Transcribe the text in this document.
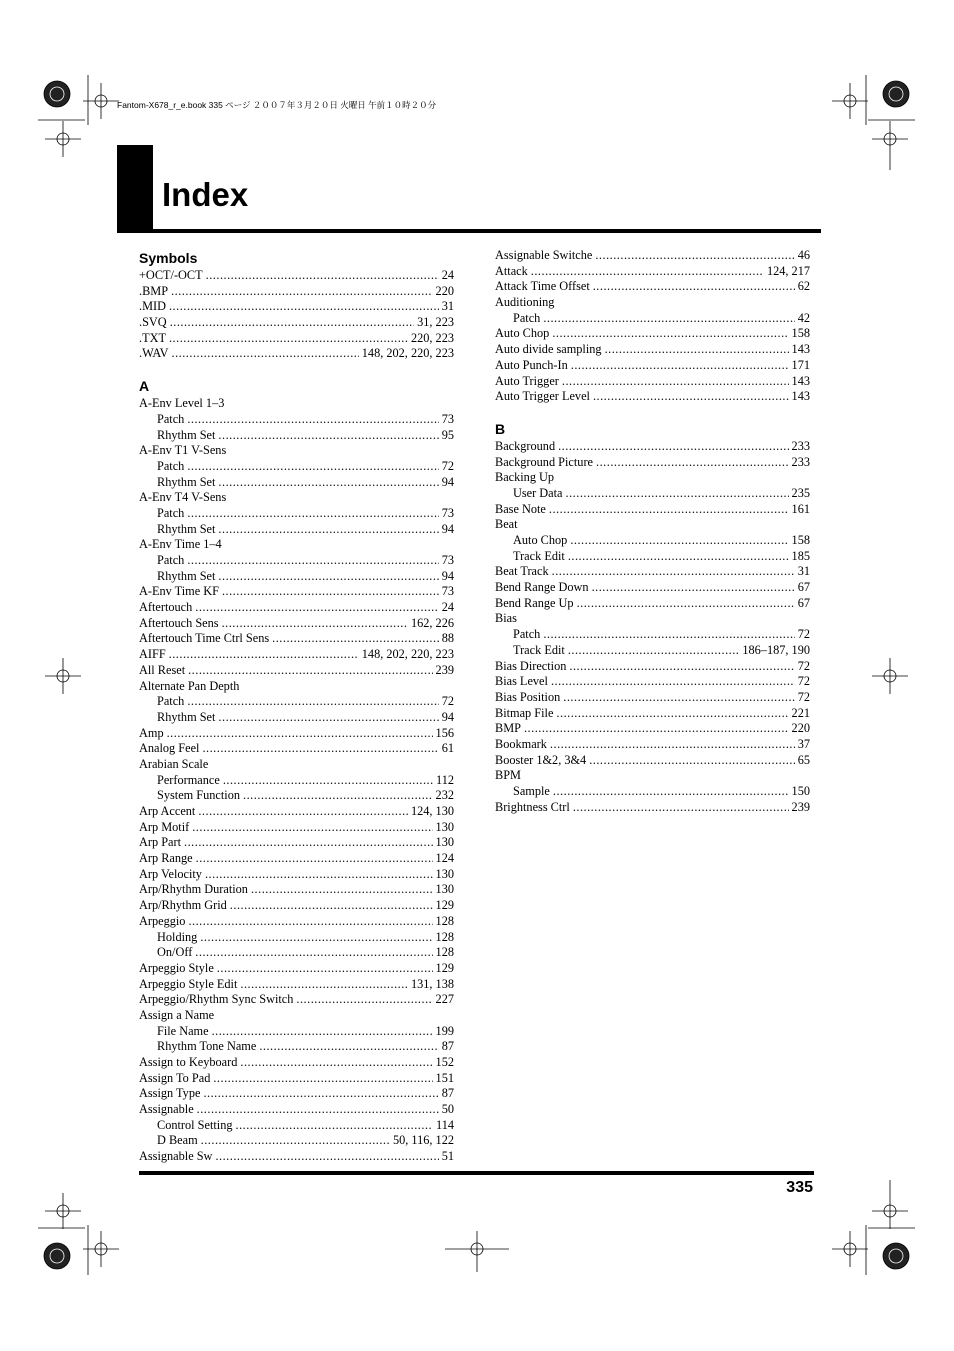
Fantom-X678_r_e.book 335 ページ ２００７年３月２０日 火曜日 午前１０時２０分
Index
Symbols
+OCT/-OCT .....	24
.BMP .....	220
.MID .....	31
.SVQ .....	31, 223
.TXT .....	220, 223
.WAV .....	148, 202, 220, 223
A
A-Env Level 1–3
Patch .....	73
Rhythm Set .....	95
A-Env T1 V-Sens
Patch .....	72
Rhythm Set .....	94
A-Env T4 V-Sens
Patch .....	73
Rhythm Set .....	94
A-Env Time 1–4
Patch .....	73
Rhythm Set .....	94
A-Env Time KF .....	73
Aftertouch .....	24
Aftertouch Sens .....	162, 226
Aftertouch Time Ctrl Sens .....	88
AIFF .....	148, 202, 220, 223
All Reset .....	239
Alternate Pan Depth
Patch .....	72
Rhythm Set .....	94
Amp .....	156
Analog Feel .....	61
Arabian Scale
Performance .....	112
System Function .....	232
Arp Accent .....	124, 130
Arp Motif .....	130
Arp Part .....	130
Arp Range .....	124
Arp Velocity .....	130
Arp/Rhythm Duration .....	130
Arp/Rhythm Grid .....	129
Arpeggio .....	128
Holding .....	128
On/Off .....	128
Arpeggio Style .....	129
Arpeggio Style Edit .....	131, 138
Arpeggio/Rhythm Sync Switch .....	227
Assign a Name
File Name .....	199
Rhythm Tone Name .....	87
Assign to Keyboard .....	152
Assign To Pad .....	151
Assign Type .....	87
Assignable .....	50
Control Setting .....	114
D Beam .....	50, 116, 122
Assignable Sw .....	51
Assignable Switche .....	46
Attack .....	124, 217
Attack Time Offset .....	62
Auditioning
Patch .....	42
Auto Chop .....	158
Auto divide sampling .....	143
Auto Punch-In .....	171
Auto Trigger .....	143
Auto Trigger Level .....	143
B
Background .....	233
Background Picture .....	233
Backing Up
User Data .....	235
Base Note .....	161
Beat
Auto Chop .....	158
Track Edit .....	185
Beat Track .....	31
Bend Range Down .....	67
Bend Range Up .....	67
Bias
Patch .....	72
Track Edit .....	186–187, 190
Bias Direction .....	72
Bias Level .....	72
Bias Position .....	72
Bitmap File .....	221
BMP .....	220
Bookmark .....	37
Booster 1&2, 3&4 .....	65
BPM
Sample .....	150
Brightness Ctrl .....	239
335
